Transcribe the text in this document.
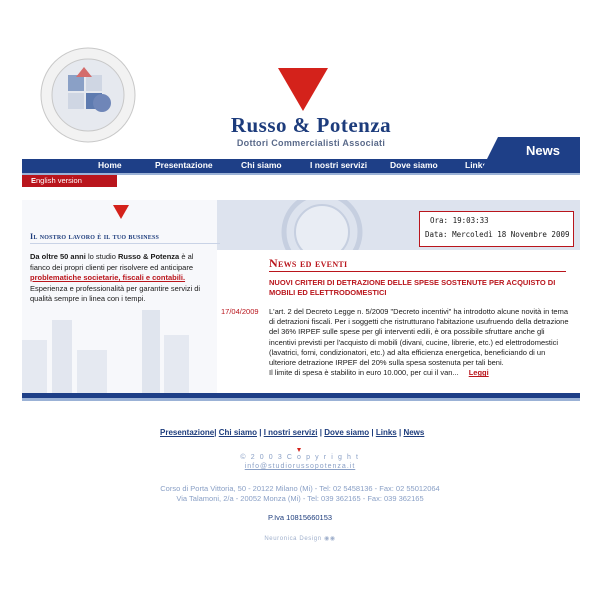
Russo & Potenza
Dottori Commercialisti Associati
Home	Presentazione	Chi siamo	I nostri servizi	Dove siamo	Links
News
English version
Il nostro lavoro è il tuo business
Da oltre 50 anni lo studio Russo & Potenza è al fianco dei propri clienti per risolvere ed anticipare problematiche societarie, fiscali e contabili. Esperienza e professionalità per garantire servizi di qualità sempre in linea con i tempi.
Ora: 19:03:33
Data: Mercoledì 18 Novembre 2009
News ed eventi
NUOVI CRITERI DI DETRAZIONE DELLE SPESE SOSTENUTE PER ACQUISTO DI MOBILI ED ELETTRODOMESTICI
17/04/2009 L'art. 2 del Decreto Legge n. 5/2009 "Decreto incentivi" ha introdotto alcune novità in tema di detrazioni fiscali. Per i soggetti che ristrutturano l'abitazione usufruendo della detrazione del 36% IRPEF sulle spese per gli interventi edili, è ora possibile sfruttare anche gli incentivi previsti per l'acquisto di mobili (divani, cucine, librerie, etc.) ed elettrodomestici (lavatrici, forni, condizionatori, etc.) ad alta efficienza energetica, beneficiando di un ulteriore detrazione IRPEF del 20% sulla spesa sostenuta per tali beni.
Il limite di spesa è stabilito in euro 10.000, per cui il van... Leggi
Presentazione| Chi siamo | I nostri servizi | Dove siamo | Links | News
© 2 0 0 3 C o p y r i g h t
info@studiorussopotenza.it
Corso di Porta Vittoria, 50 - 20122 Milano (Mi) - Tel: 02 5458136 - Fax: 02 55012064
Via Talamoni, 2/a - 20052 Monza (Mi) - Tel: 039 362165 - Fax: 039 362165
P.Iva 10815660153
Neuronica Design ◉◉
